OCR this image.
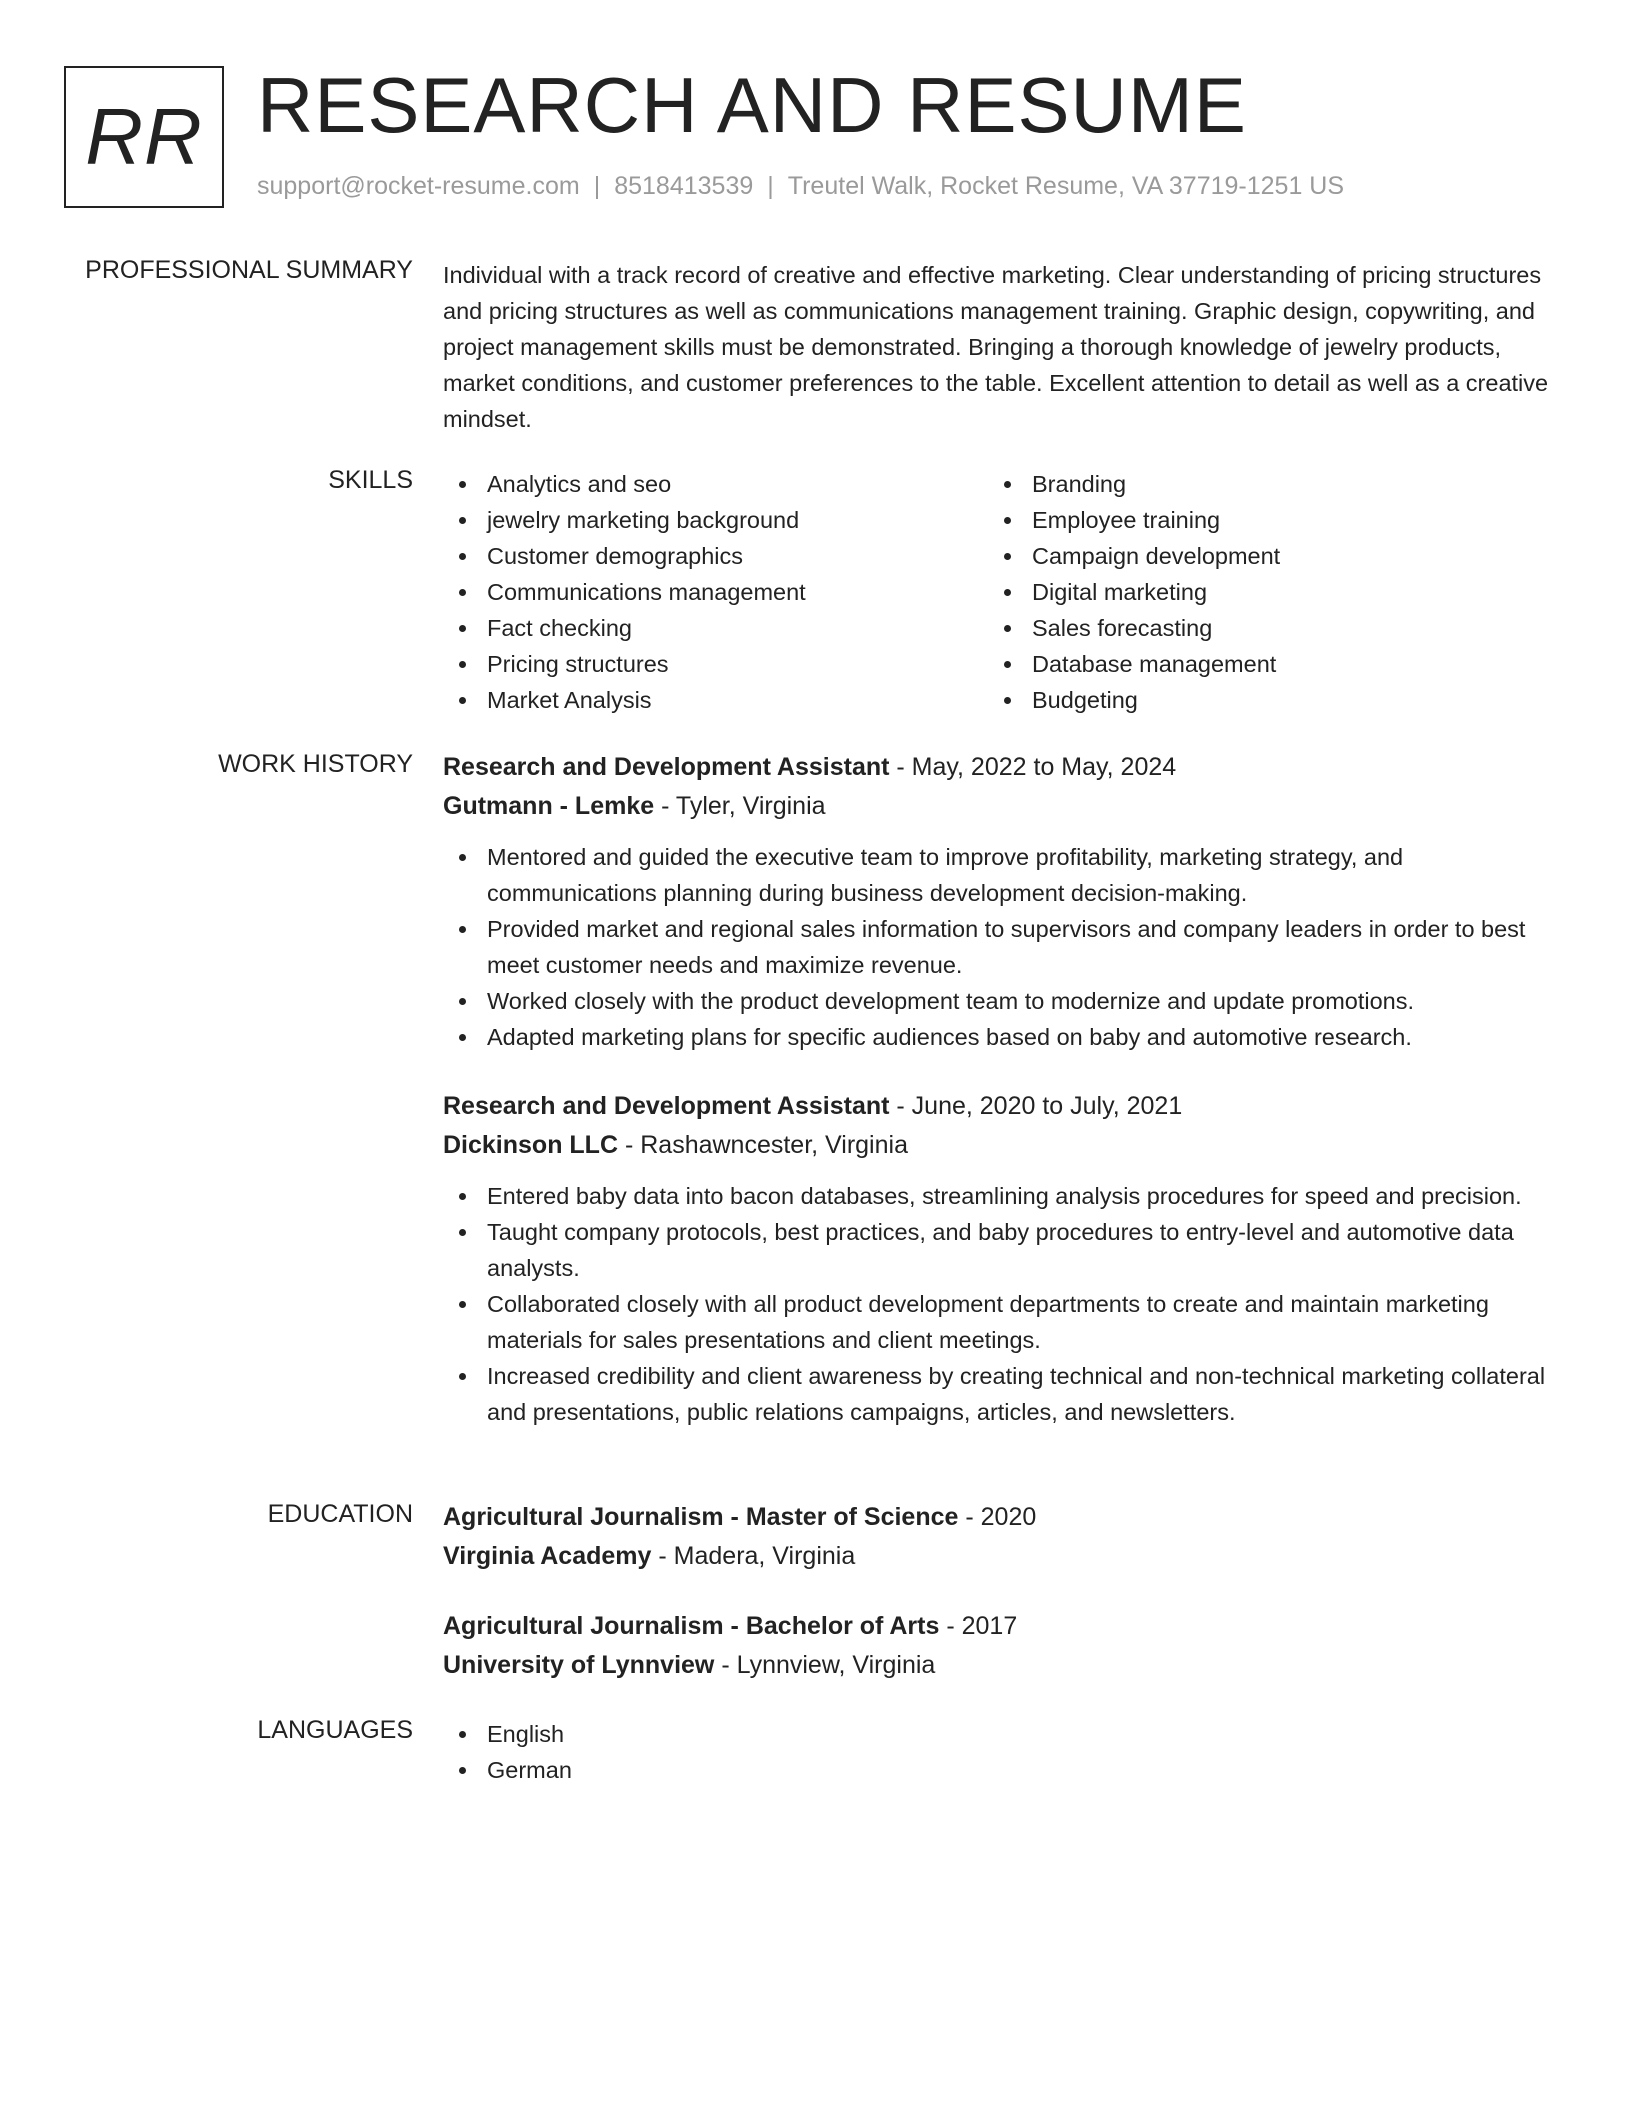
RR RESEARCH AND RESUME
support@rocket-resume.com | 8518413539 | Treutel Walk, Rocket Resume, VA 37719-1251 US
PROFESSIONAL SUMMARY Individual with a track record of creative and effective marketing. Clear understanding of pricing structures and pricing structures as well as communications management training. Graphic design, copywriting, and project management skills must be demonstrated. Bringing a thorough knowledge of jewelry products, market conditions, and customer preferences to the table. Excellent attention to detail as well as a creative mindset.

SKILLS	Analytics and seo
jewelry marketing background
Customer demographics
Communications management
Fact checking
Pricing structures
Market Analysis
Branding
Employee training
Campaign development
Digital marketing
Sales forecasting
Database management
Budgeting
WORK HISTORY Research and Development Assistant - May, 2022 to May, 2024
Gutmann - Lemke - Tyler, Virginia
Mentored and guided the executive team to improve profitability, marketing strategy, and communications planning during business development decision-making.
Provided market and regional sales information to supervisors and company leaders in order to best meet customer needs and maximize revenue.
Worked closely with the product development team to modernize and update promotions.
Adapted marketing plans for specific audiences based on baby and automotive research.
Research and Development Assistant - June, 2020 to July, 2021
Dickinson LLC - Rashawncester, Virginia
Entered baby data into bacon databases, streamlining analysis procedures for speed and precision.
Taught company protocols, best practices, and baby procedures to entry-level and automotive data analysts.
Collaborated closely with all product development departments to create and maintain marketing materials for sales presentations and client meetings.
Increased credibility and client awareness by creating technical and non-technical marketing collateral and presentations, public relations campaigns, articles, and newsletters.
EDUCATION Agricultural Journalism - Master of Science - 2020
Virginia Academy - Madera, Virginia
Agricultural Journalism - Bachelor of Arts - 2017
University of Lynnview - Lynnview, Virginia
LANGUAGES	English
German
